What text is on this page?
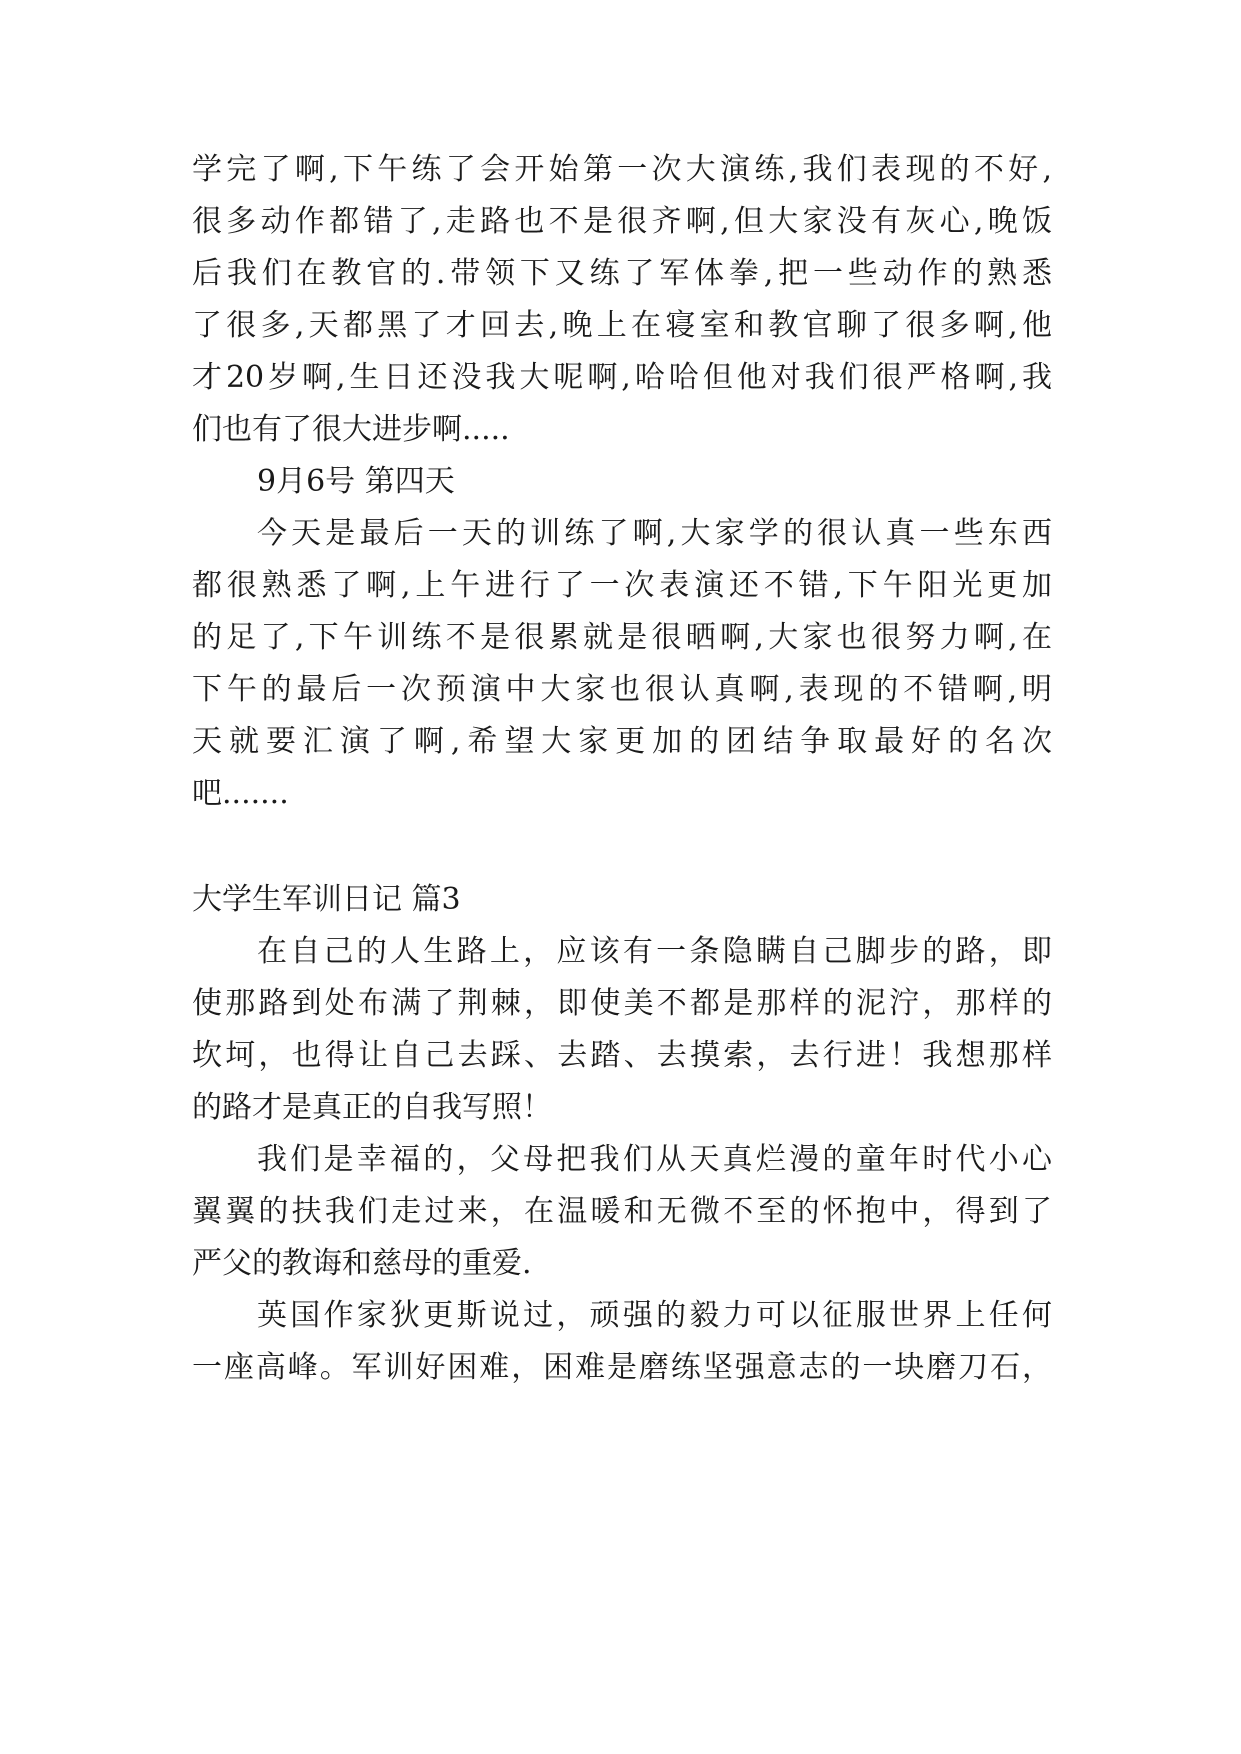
学完了啊,下午练了会开始第一次大演练,我们表现的不好,
很多动作都错了,走路也不是很齐啊,但大家没有灰心,晚饭
后我们在教官的.带领下又练了军体拳,把一些动作的熟悉
了很多,天都黑了才回去,晚上在寝室和教官聊了很多啊,他
才20岁啊,生日还没我大呢啊,哈哈但他对我们很严格啊,我
们也有了很大进步啊.....
9月6号 第四天
今天是最后一天的训练了啊,大家学的很认真一些东西
都很熟悉了啊,上午进行了一次表演还不错,下午阳光更加
的足了,下午训练不是很累就是很晒啊,大家也很努力啊,在
下午的最后一次预演中大家也很认真啊,表现的不错啊,明
天就要汇演了啊,希望大家更加的团结争取最好的名次
吧.......
大学生军训日记 篇3
在自己的人生路上，应该有一条隐瞒自己脚步的路，即
使那路到处布满了荆棘，即使美不都是那样的泥泞，那样的
坎坷，也得让自己去踩、去踏、去摸索，去行进！我想那样
的路才是真正的自我写照！
我们是幸福的，父母把我们从天真烂漫的童年时代小心
翼翼的扶我们走过来，在温暖和无微不至的怀抱中，得到了
严父的教诲和慈母的重爱.
英国作家狄更斯说过，顽强的毅力可以征服世界上任何
一座高峰。军训好困难，困难是磨练坚强意志的一块磨刀石，
